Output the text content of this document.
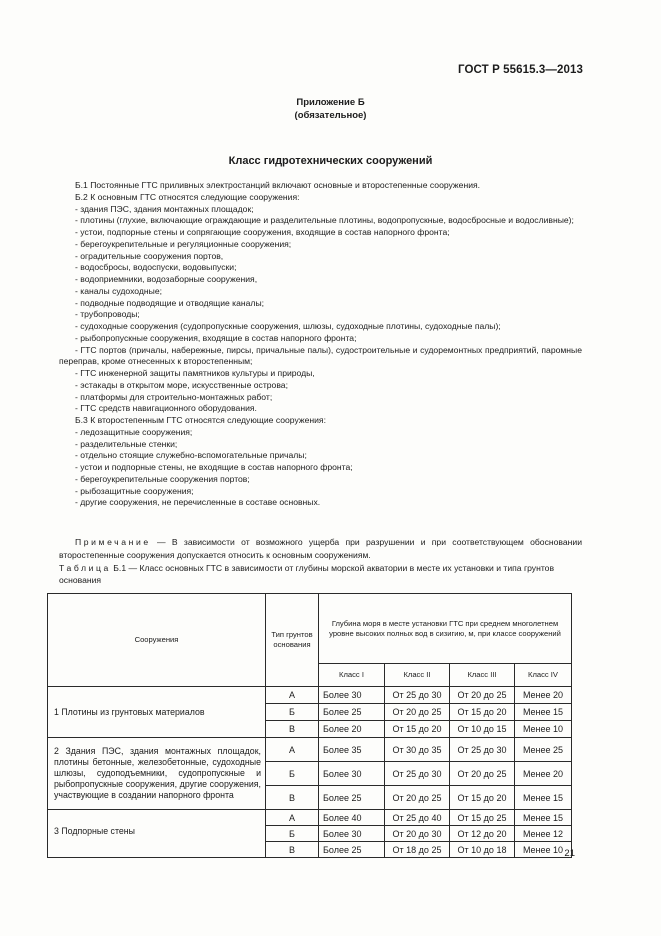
ГОСТ Р 55615.3—2013
Приложение Б
(обязательное)
Класс гидротехнических сооружений

Б.1 Постоянные ГТС приливных электростанций включают основные и второстепенные сооружения.

Б.2 К основным ГТС относятся следующие сооружения:

- здания ПЭС, здания монтажных площадок;

- плотины (глухие, включающие ограждающие и разделительные плотины, водопропускные, водосбросные и водосливные);

- устои, подпорные стены и сопрягающие сооружения, входящие в состав напорного фронта;

- берегоукрепительные и регуляционные сооружения;

- оградительные сооружения портов,

- водосбросы, водоспуски, водовыпуски;

- водоприемники, водозаборные сооружения,

- каналы судоходные;

- подводные подводящие и отводящие каналы;

- трубопроводы;

- судоходные сооружения (судопропускные сооружения, шлюзы, судоходные плотины, судоходные палы);

- рыбопропускные сооружения, входящие в состав напорного фронта;

- ГТС портов (причалы, набережные, пирсы, причальные палы), судостроительные и судоремонтных предприятий, паромные переправ, кроме отнесенных к второстепенным;

- ГТС инженерной защиты памятников культуры и природы,

- эстакады в открытом море, искусственные острова;

- платформы для строительно-монтажных работ;

- ГТС средств навигационного оборудования.

Б.3 К второстепенным ГТС относятся следующие сооружения:

- ледозащитные сооружения;

- разделительные стенки;

- отдельно стоящие служебно-вспомогательные причалы;

- устои и подпорные стены, не входящие в состав напорного фронта;

- берегоукрепительные сооружения портов;

- рыбозащитные сооружения;

- другие сооружения, не перечисленные в составе основных.

Примечание — В зависимости от возможного ущерба при разрушении и при соответствующем обосновании второстепенные сооружения допускается относить к основным сооружениям.

Таблица Б.1 — Класс основных ГТС в зависимости от глубины морской акватории в месте их установки и типа грунтов основания

Сооружения	Тип грунтов основания	Глубина моря в месте установки ГТС при среднем многолетнем уровне высоких полных вод в сизигию, м, при классе сооружений			
		Класс I	Класс II	Класс III	Класс IV
1 Плотины из грунтовых материалов	А	Более 30	От 25 до 30	От 20 до 25	Менее 20
	Б	Более 25	От 20 до 25	От 15 до 20	Менее 15
	В	Более 20	От 15 до 20	От 10 до 15	Менее 10
2 Здания ПЭС, здания монтажных площадок, плотины бетонные, железобетонные, судоходные шлюзы, судоподъемники, судопропускные и рыбопропускные сооружения, другие сооружения, участвующие в создании напорного фронта	А	Более 35	От 30 до 35	От 25 до 30	Менее 25
	Б	Более 30	От 25 до 30	От 20 до 25	Менее 20
	В	Более 25	От 20 до 25	От 15 до 20	Менее 15
3 Подпорные стены	А	Более 40	От 25 до 40	От 15 до 25	Менее 15
	Б	Более 30	От 20 до 30	От 12 до 20	Менее 12
	В	Более 25	От 18 до 25	От 10 до 18	Менее 10 21
